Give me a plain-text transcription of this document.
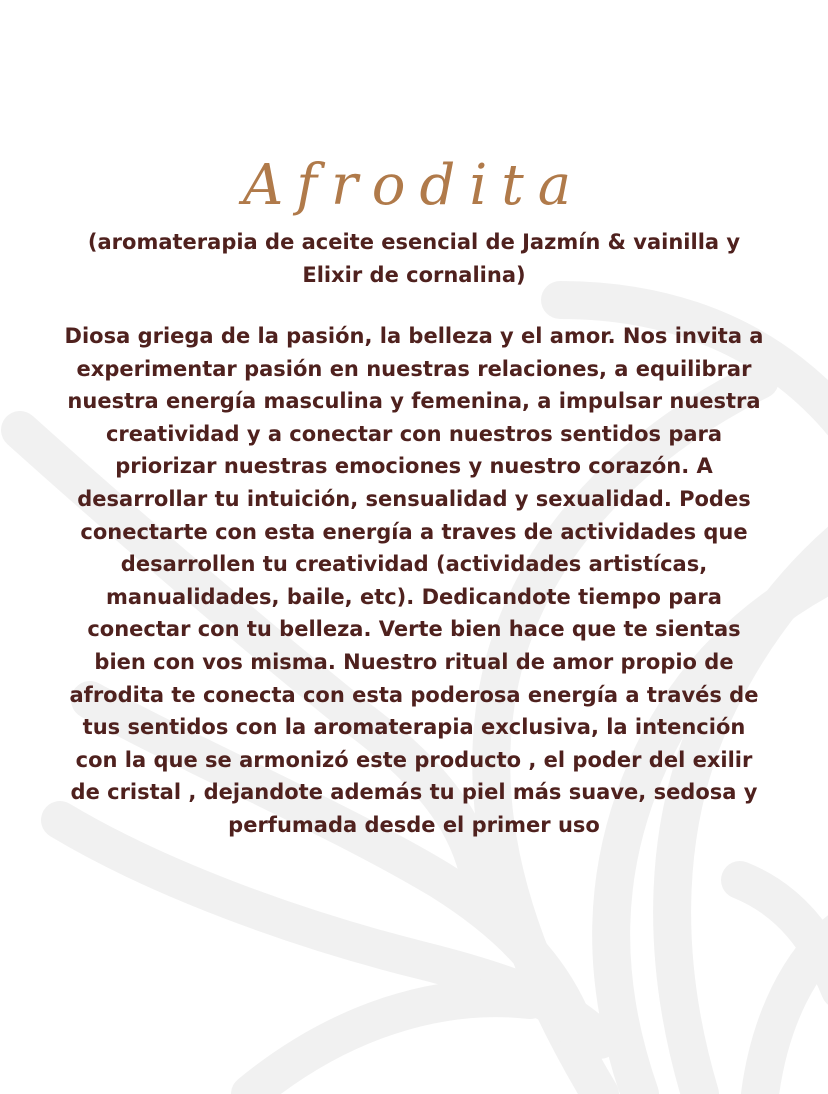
Afrodita

(aromaterapia de aceite esencial de Jazmín & vainilla y
Elixir de cornalina)

Diosa griega de la pasión, la belleza y el amor. Nos invita a
experimentar pasión en nuestras relaciones, a equilibrar
nuestra energía masculina y femenina, a impulsar nuestra
creatividad y a conectar con nuestros sentidos para
priorizar nuestras emociones y nuestro corazón. A
desarrollar tu intuición, sensualidad y sexualidad. Podes
conectarte con esta energía a traves de actividades que
desarrollen tu creatividad (actividades artistícas,
manualidades, baile, etc). Dedicandote tiempo para
conectar con tu belleza. Verte bien hace que te sientas
bien con vos misma. Nuestro ritual de amor propio de
afrodita te conecta con esta poderosa energía a través de
tus sentidos con la aromaterapia exclusiva, la intención
con la que se armonizó este producto , el poder del exilir
de cristal , dejandote además tu piel más suave, sedosa y
perfumada desde el primer uso
